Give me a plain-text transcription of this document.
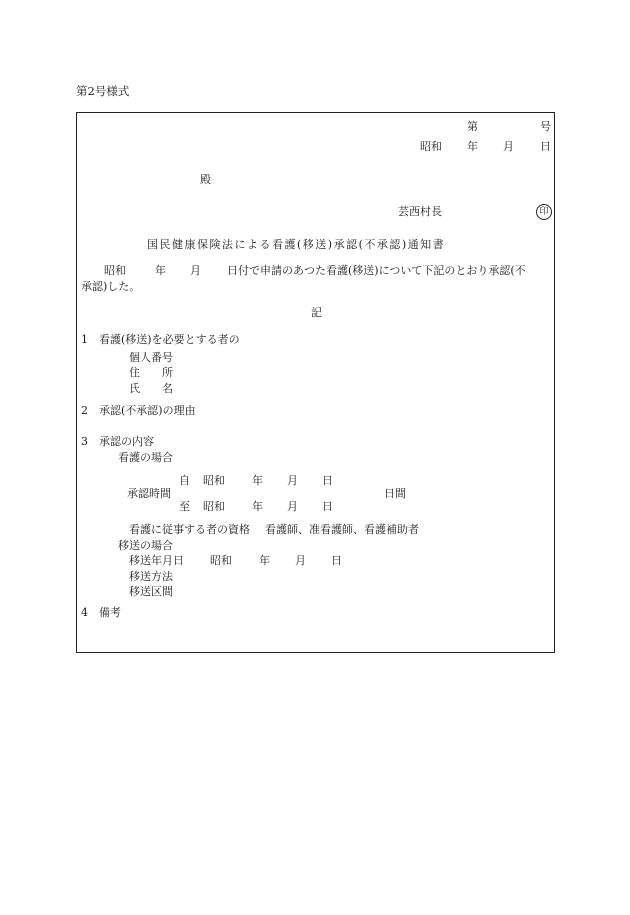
第2号様式
第	号
昭和 年 月 日
殿
芸西村長	印
国民健康保険法による看護(移送)承認(不承認)通知書
昭和	年 月 日付で申請のあつた看護(移送)について下記のとおり承認(不
承認)した。
記
1 看護(移送)を必要とする者の
個人番号
住　　所
氏　　名
2 承認(不承認)の理由
3 承認の内容
看護の場合
自 昭和 年 月 日
承認時間	日間
至 昭和 年 月 日
看護に従事する者の資格 看護師、准看護師、看護補助者
移送の場合
移送年月日 昭和 年 月 日
移送方法
移送区間
4 備考
